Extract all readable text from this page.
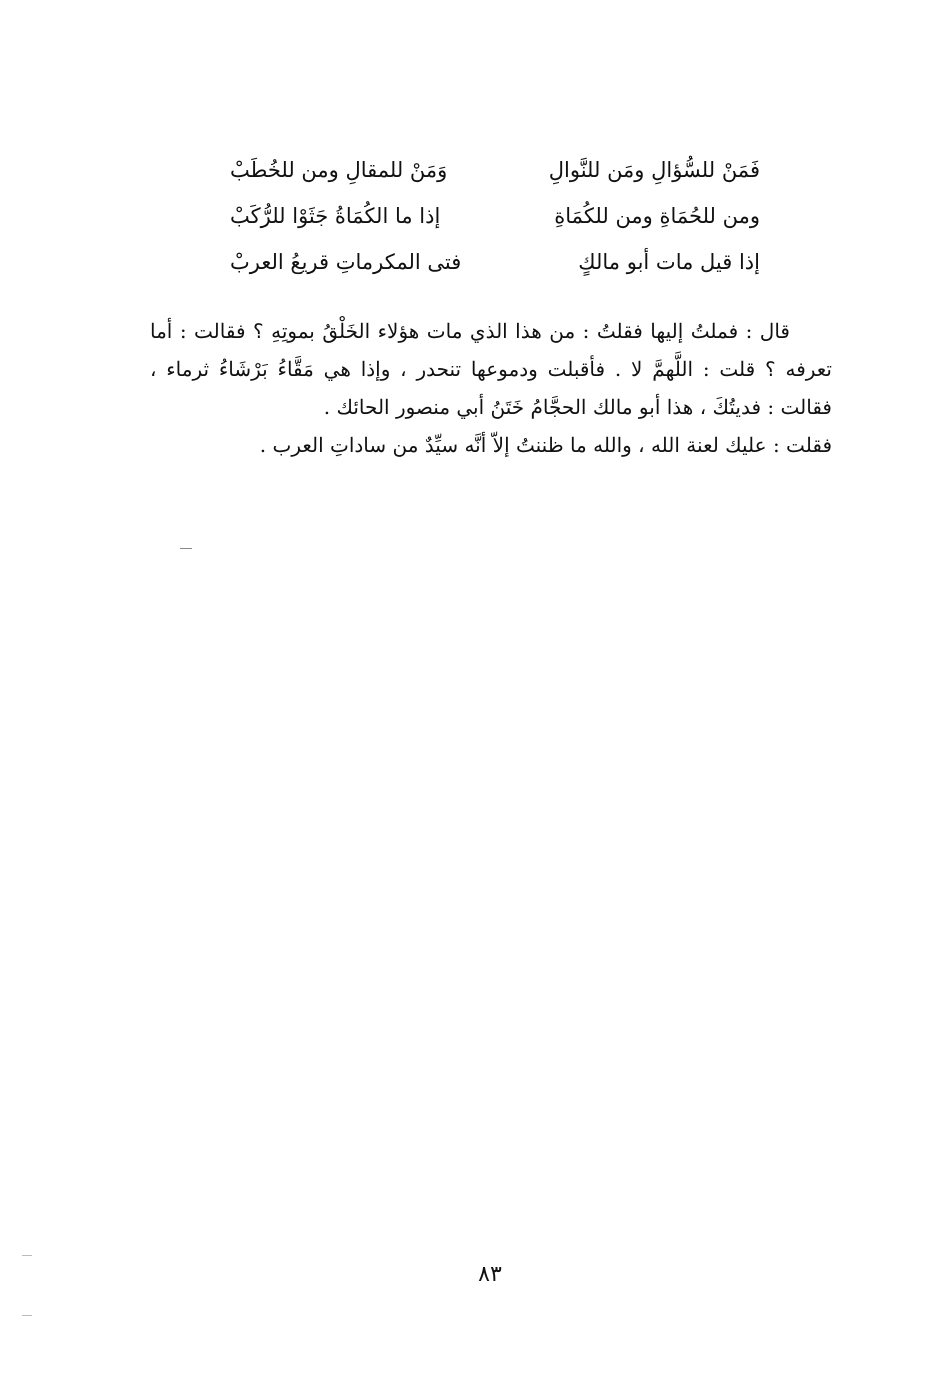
فَمَنْ للسُّؤالِ ومَن للنَّوالِ
وَمَنْ للمقالِ ومن للخُطَبْ
ومن للحُمَاةِ ومن للكُمَاةِ
إذا ما الكُمَاةُ جَثَوْا للرُّكَبْ
إذا قيل مات أبو مالكٍ
فتى المكرماتِ قريعُ العربْ

قال : فملتُ إليها فقلتُ : من هذا الذي مات هؤلاء الخَلْقُ بموتِهِ ؟ فقالت : أما تعرفه ؟ قلت : اللَّهمَّ لا . فأقبلت ودموعها تنحدر ، وإذا هي مَقَّاءُ بَرْشَاءُ ثرماء ، فقالت : فديتُكَ ، هذا أبو مالك الحجَّامُ خَتَنُ أبي منصور الحائك .

فقلت : عليك لعنة الله ، والله ما ظننتُ إلاّ أنَّه سيِّدٌ من ساداتِ العرب .

٨٣
